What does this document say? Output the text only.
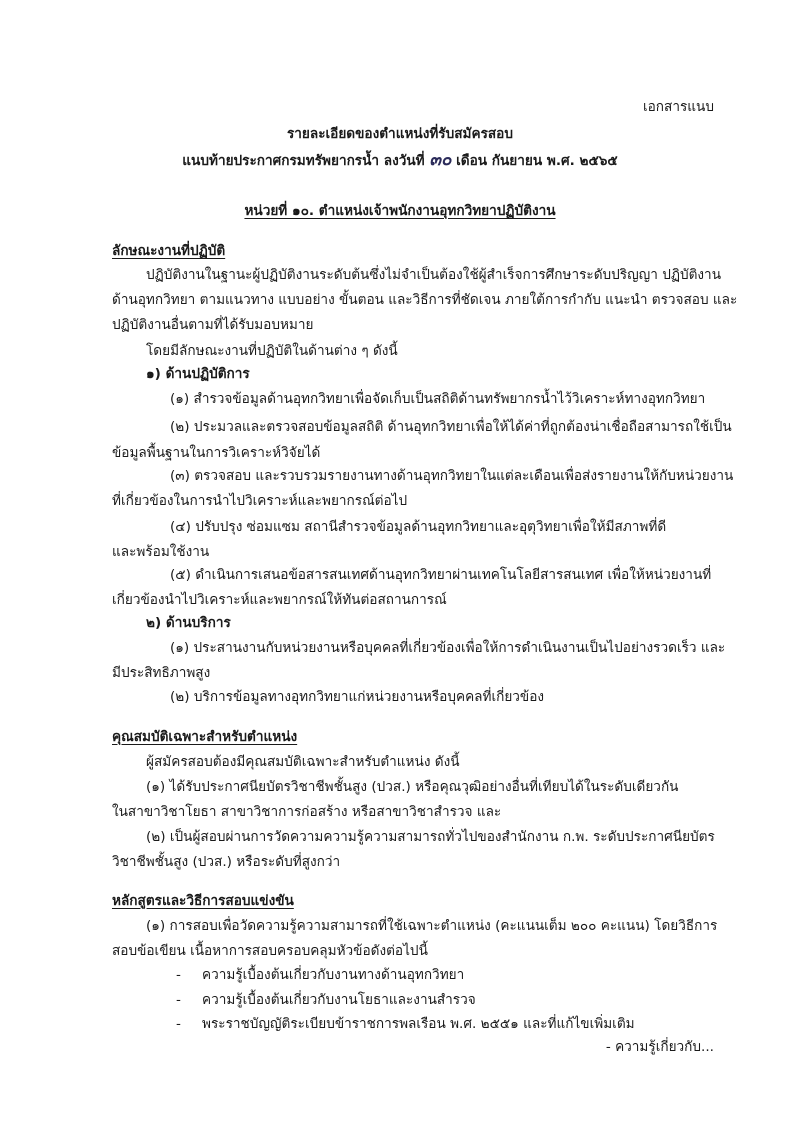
เอกสารแนบ
รายละเอียดของตำแหน่งที่รับสมัครสอบ
แนบท้ายประกาศกรมทรัพยากรน้ำ ลงวันที่ ๓๐ เดือน กันยายน พ.ศ. ๒๕๖๕
หน่วยที่ ๑๐. ตำแหน่งเจ้าพนักงานอุทกวิทยาปฏิบัติงาน
ลักษณะงานที่ปฏิบัติ
ปฏิบัติงานในฐานะผู้ปฏิบัติงานระดับต้นซึ่งไม่จำเป็นต้องใช้ผู้สำเร็จการศึกษาระดับปริญญา ปฏิบัติงาน
ด้านอุทกวิทยา ตามแนวทาง แบบอย่าง ขั้นตอน และวิธีการที่ชัดเจน ภายใต้การกำกับ แนะนำ ตรวจสอบ และ
ปฏิบัติงานอื่นตามที่ได้รับมอบหมาย
โดยมีลักษณะงานที่ปฏิบัติในด้านต่าง ๆ ดังนี้
๑) ด้านปฏิบัติการ
(๑) สำรวจข้อมูลด้านอุทกวิทยาเพื่อจัดเก็บเป็นสถิติด้านทรัพยากรน้ำไว้วิเคราะห์ทางอุทกวิทยา
(๒) ประมวลและตรวจสอบข้อมูลสถิติ ด้านอุทกวิทยาเพื่อให้ได้ค่าที่ถูกต้องน่าเชื่อถือสามารถใช้เป็น
ข้อมูลพื้นฐานในการวิเคราะห์วิจัยได้
(๓) ตรวจสอบ และรวบรวมรายงานทางด้านอุทกวิทยาในแต่ละเดือนเพื่อส่งรายงานให้กับหน่วยงาน
ที่เกี่ยวข้องในการนำไปวิเคราะห์และพยากรณ์ต่อไป
(๔) ปรับปรุง ซ่อมแซม สถานีสำรวจข้อมูลด้านอุทกวิทยาและอุตุวิทยาเพื่อให้มีสภาพที่ดี
และพร้อมใช้งาน
(๕) ดำเนินการเสนอข้อสารสนเทศด้านอุทกวิทยาผ่านเทคโนโลยีสารสนเทศ เพื่อให้หน่วยงานที่
เกี่ยวข้องนำไปวิเคราะห์และพยากรณ์ให้ทันต่อสถานการณ์
๒) ด้านบริการ
(๑) ประสานงานกับหน่วยงานหรือบุคคลที่เกี่ยวข้องเพื่อให้การดำเนินงานเป็นไปอย่างรวดเร็ว และ
มีประสิทธิภาพสูง
(๒) บริการข้อมูลทางอุทกวิทยาแก่หน่วยงานหรือบุคคลที่เกี่ยวข้อง
คุณสมบัติเฉพาะสำหรับตำแหน่ง
ผู้สมัครสอบต้องมีคุณสมบัติเฉพาะสำหรับตำแหน่ง ดังนี้
(๑) ได้รับประกาศนียบัตรวิชาชีพชั้นสูง (ปวส.) หรือคุณวุฒิอย่างอื่นที่เทียบได้ในระดับเดียวกัน
ในสาขาวิชาโยธา สาขาวิชาการก่อสร้าง หรือสาขาวิชาสำรวจ และ
(๒) เป็นผู้สอบผ่านการวัดความความรู้ความสามารถทั่วไปของสำนักงาน ก.พ. ระดับประกาศนียบัตร
วิชาชีพชั้นสูง (ปวส.) หรือระดับที่สูงกว่า
หลักสูตรและวิธีการสอบแข่งขัน
(๑) การสอบเพื่อวัดความรู้ความสามารถที่ใช้เฉพาะตำแหน่ง (คะแนนเต็ม ๒๐๐ คะแนน) โดยวิธีการ
สอบข้อเขียน เนื้อหาการสอบครอบคลุมหัวข้อดังต่อไปนี้
- ความรู้เบื้องต้นเกี่ยวกับงานทางด้านอุทกวิทยา
- ความรู้เบื้องต้นเกี่ยวกับงานโยธาและงานสำรวจ
- พระราชบัญญัติระเบียบข้าราชการพลเรือน พ.ศ. ๒๕๕๑ และที่แก้ไขเพิ่มเติม
- ความรู้เกี่ยวกับ...
